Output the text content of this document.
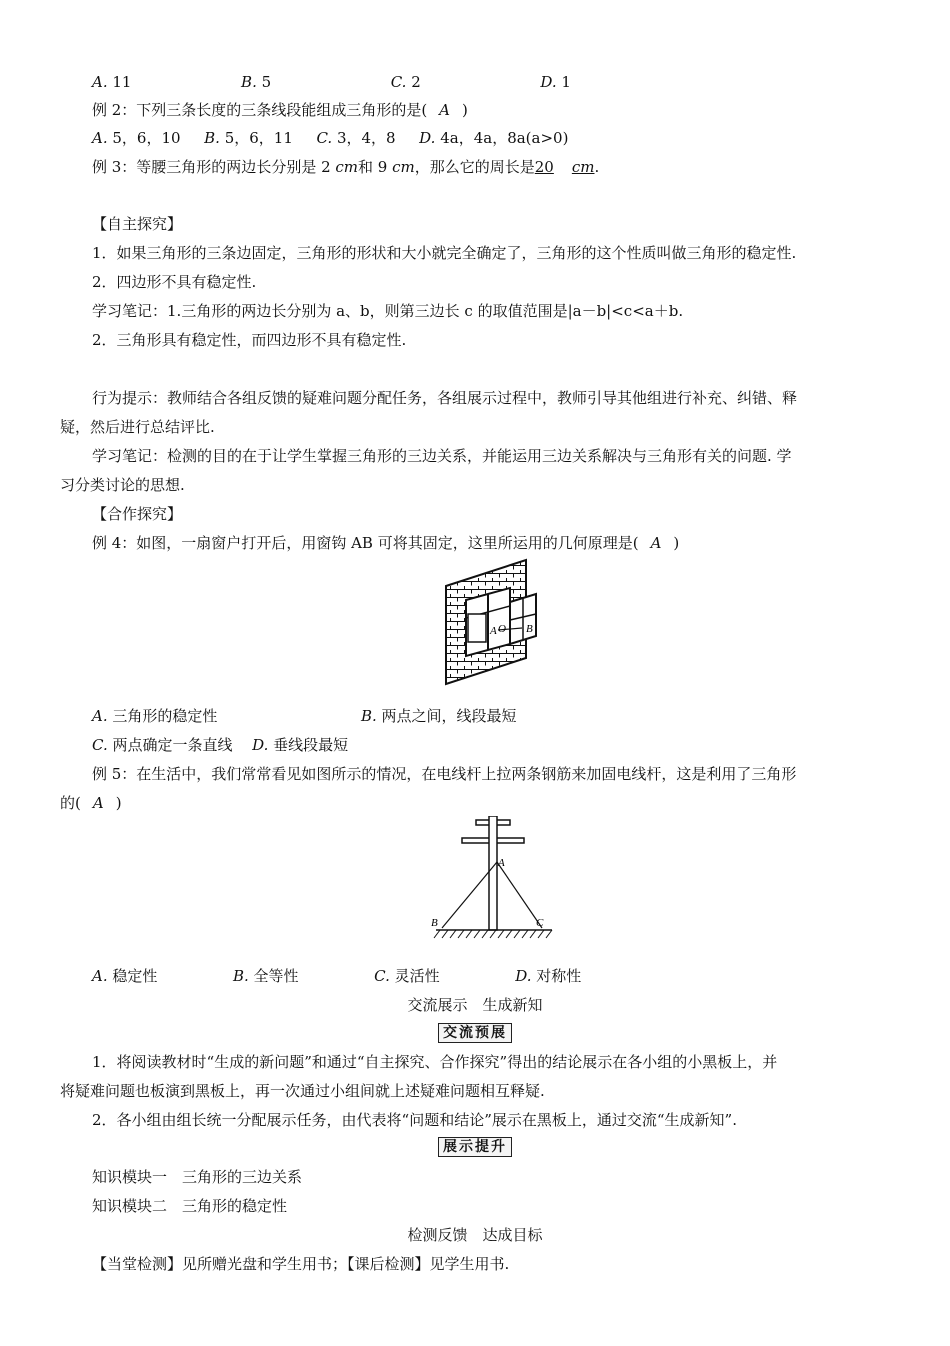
A. 11	B. 5	C. 2	D. 1
例 2：下列三条长度的三条线段能组成三角形的是( A )
A. 5，6，10 B. 5，6，11 C. 3，4，8 D. 4a，4a，8a(a>0)
例 3：等腰三角形的两边长分别是 2 cm和 9 cm，那么它的周长是20 cm.
【自主探究】
1．如果三角形的三条边固定，三角形的形状和大小就完全确定了，三角形的这个性质叫做三角形的稳定性.
2．四边形不具有稳定性.
学习笔记：1.三角形的两边长分别为 a、b，则第三边长 c 的取值范围是|a－b|<c<a＋b.
2．三角形具有稳定性，而四边形不具有稳定性.
行为提示：教师结合各组反馈的疑难问题分配任务，各组展示过程中，教师引导其他组进行补充、纠错、释
疑，然后进行总结评比.
学习笔记：检测的目的在于让学生掌握三角形的三边关系，并能运用三边关系解决与三角形有关的问题. 学
习分类讨论的思想.
【合作探究】
例 4：如图，一扇窗户打开后，用窗钩 AB 可将其固定，这里所运用的几何原理是( A )
A O B
A. 三角形的稳定性	B. 两点之间，线段最短
C. 两点确定一条直线 D. 垂线段最短
例 5：在生活中，我们常常看见如图所示的情况，在电线杆上拉两条钢筋来加固电线杆，这是利用了三角形
的( A )
A
B	C
A. 稳定性	B. 全等性	C. 灵活性	D. 对称性
交流展示　生成新知
交流预展
1．将阅读教材时“生成的新问题”和通过“自主探究、合作探究”得出的结论展示在各小组的小黑板上，并
将疑难问题也板演到黑板上，再一次通过小组间就上述疑难问题相互释疑.
2．各小组由组长统一分配展示任务，由代表将“问题和结论”展示在黑板上，通过交流“生成新知”.
展示提升
知识模块一　三角形的三边关系
知识模块二　三角形的稳定性
检测反馈　达成目标
【当堂检测】见所赠光盘和学生用书；【课后检测】见学生用书.
